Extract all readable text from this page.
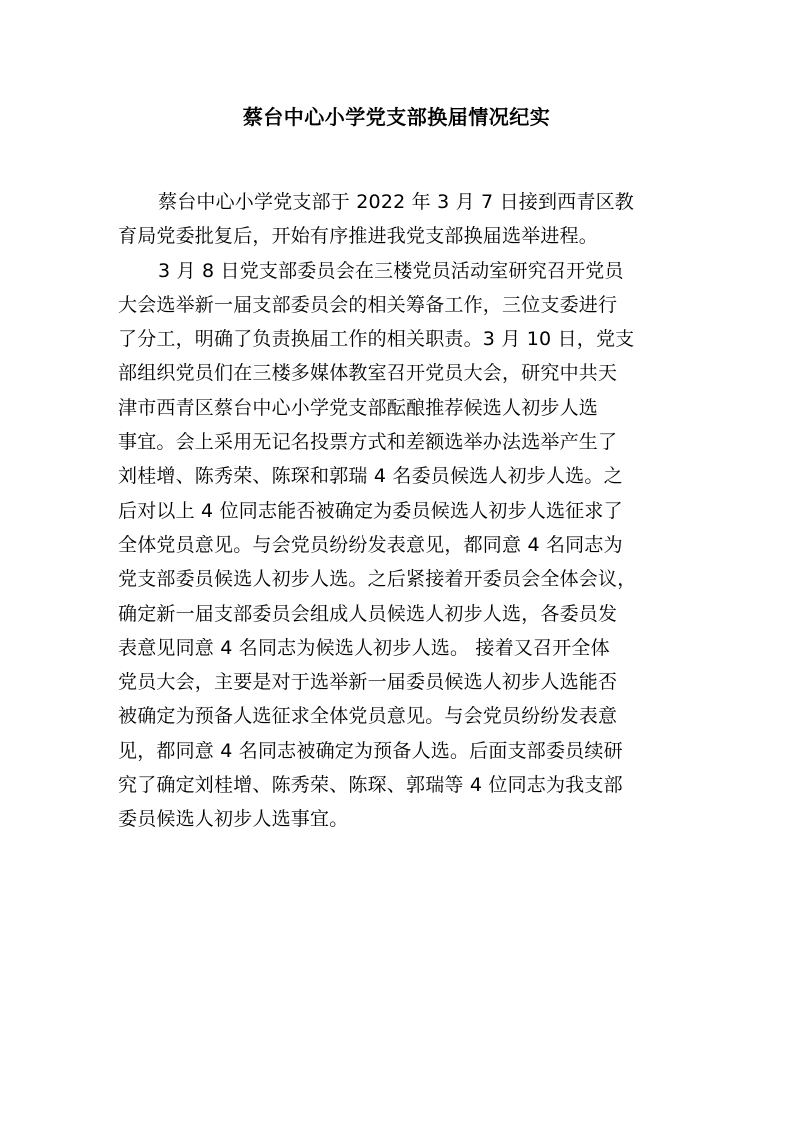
蔡台中心小学党支部换届情况纪实
蔡台中心小学党支部于 2022 年 3 月 7 日接到西青区教
育局党委批复后，开始有序推进我党支部换届选举进程。
3 月 8 日党支部委员会在三楼党员活动室研究召开党员
大会选举新一届支部委员会的相关筹备工作，三位支委进行
了分工，明确了负责换届工作的相关职责。3 月 10 日，党支
部组织党员们在三楼多媒体教室召开党员大会，研究中共天
津市西青区蔡台中心小学党支部酝酿推荐候选人初步人选
事宜。会上采用无记名投票方式和差额选举办法选举产生了
刘桂增、陈秀荣、陈琛和郭瑞 4 名委员候选人初步人选。之
后对以上 4 位同志能否被确定为委员候选人初步人选征求了
全体党员意见。与会党员纷纷发表意见，都同意 4 名同志为
党支部委员候选人初步人选。之后紧接着开委员会全体会议，
确定新一届支部委员会组成人员候选人初步人选，各委员发
表意见同意 4 名同志为候选人初步人选。 接着又召开全体
党员大会，主要是对于选举新一届委员候选人初步人选能否
被确定为预备人选征求全体党员意见。与会党员纷纷发表意
见，都同意 4 名同志被确定为预备人选。后面支部委员续研
究了确定刘桂增、陈秀荣、陈琛、郭瑞等 4 位同志为我支部
委员候选人初步人选事宜。
